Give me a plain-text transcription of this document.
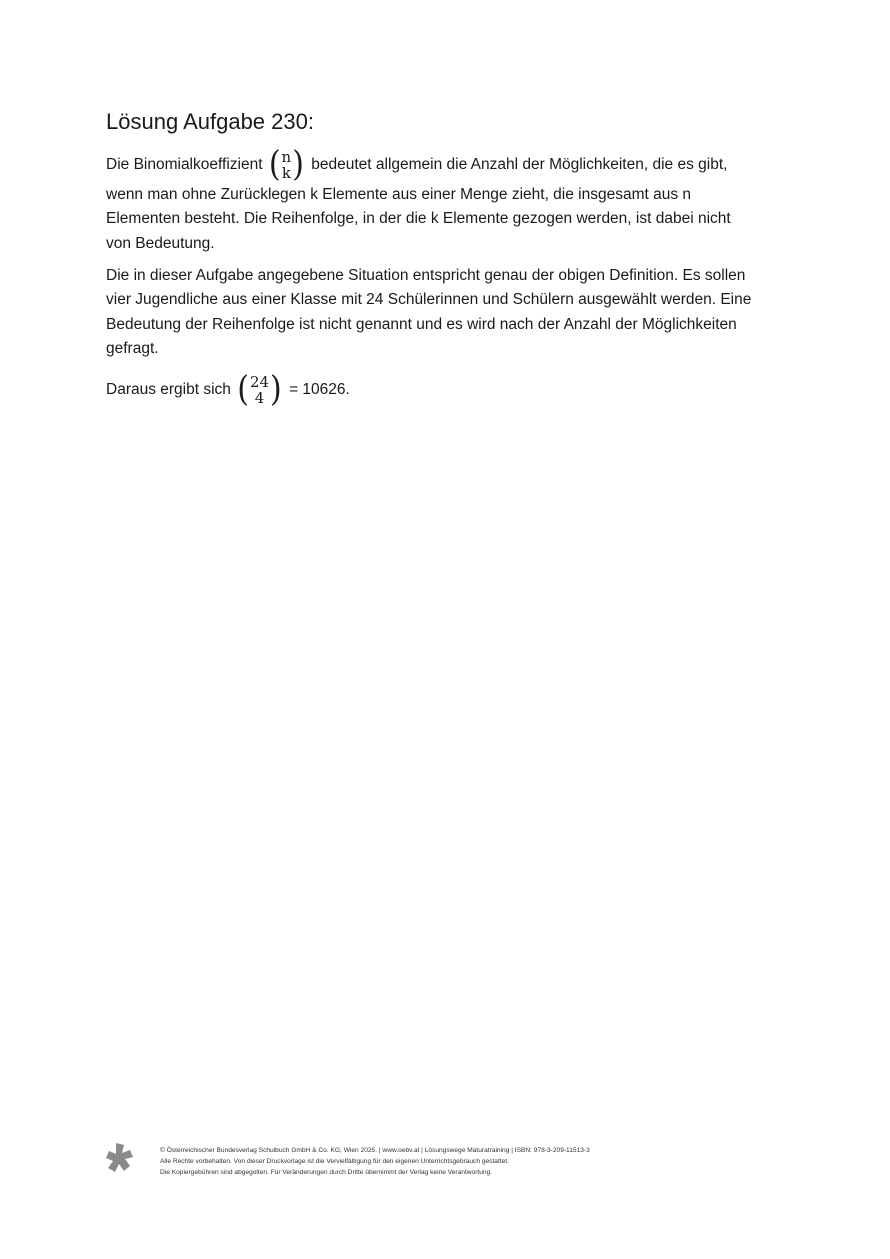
Lösung Aufgabe 230:
Die Binomialkoeffizient ( n
k ) bedeutet allgemein die Anzahl der Möglichkeiten, die es gibt,
wenn man ohne Zurücklegen k Elemente aus einer Menge zieht, die insgesamt aus n
Elementen besteht. Die Reihenfolge, in der die k Elemente gezogen werden, ist dabei nicht
von Bedeutung.
Die in dieser Aufgabe angegebene Situation entspricht genau der obigen Definition. Es sollen
vier Jugendliche aus einer Klasse mit 24 Schülerinnen und Schülern ausgewählt werden. Eine
Bedeutung der Reihenfolge ist nicht genannt und es wird nach der Anzahl der Möglichkeiten
gefragt.
Daraus ergibt sich ( 24
4 ) = 10626.
© Österreichischer Bundesverlag Schulbuch GmbH & Co. KG, Wien 2025. | www.oebv.at | Lösungswege Maturatraining | ISBN: 978-3-209-11513-3
Alle Rechte vorbehalten. Von dieser Druckvorlage ist die Vervielfältigung für den eigenen Unterrichtsgebrauch gestattet.
Die Kopiergebühren sind abgegolten. Für Veränderungen durch Dritte übernimmt der Verlag keine Verantwortung.
